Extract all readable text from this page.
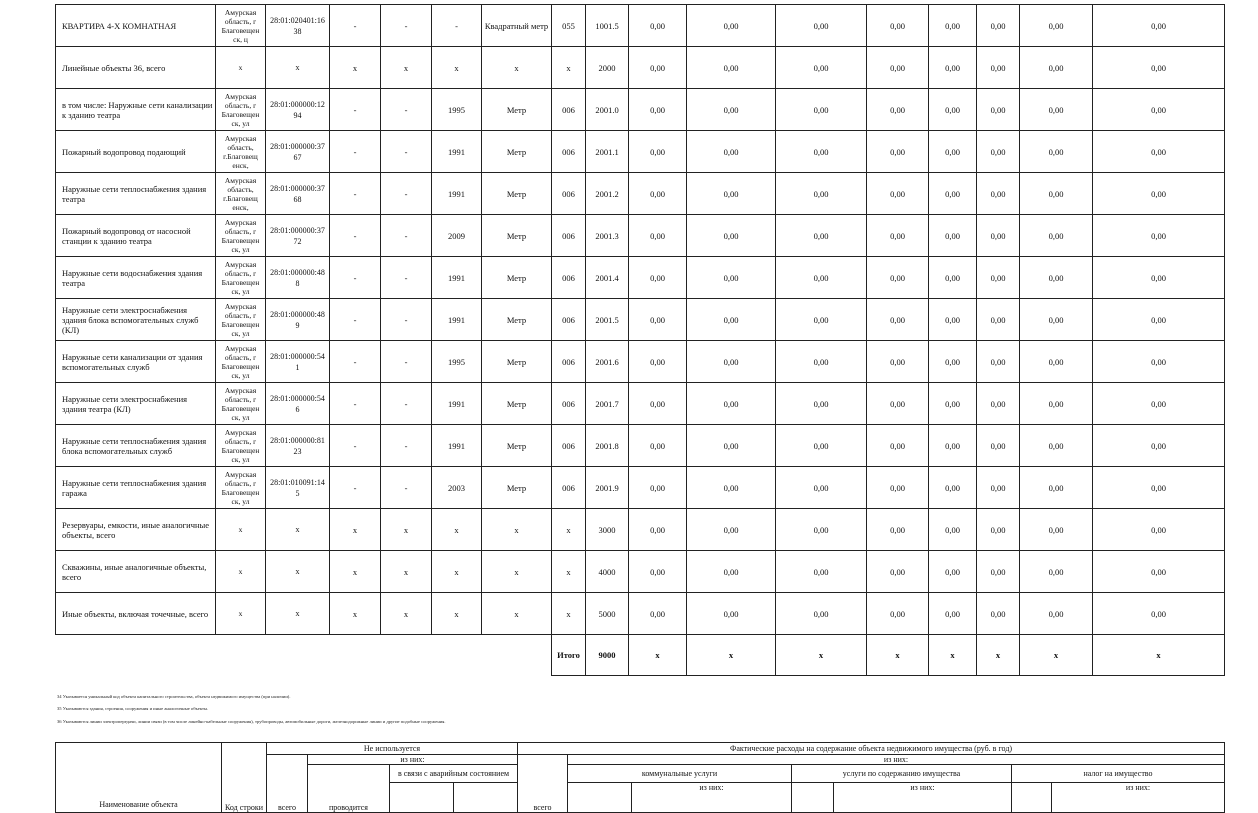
КВАРТИРА 4-Х КОМНАТНАЯ	Амурская область, г Благовещен ск, ц	28:01:020401:16 38	-	-	-	Квадратный метр	055	1001.5	0,00	0,00	0,00	0,00	0,00	0,00	0,00	0,00
Линейные объекты 36, всего	x	x	x	x	x	x	x	2000	0,00	0,00	0,00	0,00	0,00	0,00	0,00	0,00
в том числе: Наружные сети канализации к зданию театра	Амурская область, г Благовещен ск, ул	28:01:000000:12 94	-	-	1995	Метр	006	2001.0	0,00	0,00	0,00	0,00	0,00	0,00	0,00	0,00
Пожарный водопровод подающий	Амурская область, г.Благовещ енск,	28:01:000000:37 67	-	-	1991	Метр	006	2001.1	0,00	0,00	0,00	0,00	0,00	0,00	0,00	0,00
Наружные сети теплоснабжения здания театра	Амурская область, г.Благовещ енск,	28:01:000000:37 68	-	-	1991	Метр	006	2001.2	0,00	0,00	0,00	0,00	0,00	0,00	0,00	0,00
Пожарный водопровод от насосной станции к зданию театра	Амурская область, г Благовещен ск, ул	28:01:000000:37 72	-	-	2009	Метр	006	2001.3	0,00	0,00	0,00	0,00	0,00	0,00	0,00	0,00
Наружные сети водоснабжения здания театра	Амурская область, г Благовещен ск, ул	28:01:000000:48 8	-	-	1991	Метр	006	2001.4	0,00	0,00	0,00	0,00	0,00	0,00	0,00	0,00
Наружные сети электроснабжения здания блока вспомогательных служб (КЛ)	Амурская область, г Благовещен ск, ул	28:01:000000:48 9	-	-	1991	Метр	006	2001.5	0,00	0,00	0,00	0,00	0,00	0,00	0,00	0,00
Наружные сети канализации от здания вспомогательных служб	Амурская область, г Благовещен ск, ул	28:01:000000:54 1	-	-	1995	Метр	006	2001.6	0,00	0,00	0,00	0,00	0,00	0,00	0,00	0,00
Наружные сети электроснабжения здания театра (КЛ)	Амурская область, г Благовещен ск, ул	28:01:000000:54 6	-	-	1991	Метр	006	2001.7	0,00	0,00	0,00	0,00	0,00	0,00	0,00	0,00
Наружные сети теплоснабжения здания блока вспомогательных служб	Амурская область, г Благовещен ск, ул	28:01:000000:81 23	-	-	1991	Метр	006	2001.8	0,00	0,00	0,00	0,00	0,00	0,00	0,00	0,00
Наружные сети теплоснабжения здания гаража	Амурская область, г Благовещен ск, ул	28:01:010091:14 5	-	-	2003	Метр	006	2001.9	0,00	0,00	0,00	0,00	0,00	0,00	0,00	0,00
Резервуары, емкости, иные аналогичные объекты, всего	x	x	x	x	x	x	x	3000	0,00	0,00	0,00	0,00	0,00	0,00	0,00	0,00
Скважины, иные аналогичные объекты, всего	x	x	x	x	x	x	x	4000	0,00	0,00	0,00	0,00	0,00	0,00	0,00	0,00
Иные объекты, включая точечные, всего	x	x	x	x	x	x	x	5000	0,00	0,00	0,00	0,00	0,00	0,00	0,00	0,00
							Итого	9000	x	x	x	x	x	x	x	x
34 Указывается уникальный код объекта капитального строительства, объекта недвижимого имущества (при наличии).
35 Указываются здания, строения, сооружения и иные аналогичные объекты.
36 Указываются линии электропередачи, линии связи (в том числе линейно-кабельные сооружения), трубопроводы, автомобильные дороги, железнодорожные линии и другие подобные сооружения.
Наименование объекта	Код строки	Не используется				Фактические расходы на содержание объекта недвижимого имущества (руб. в год)						
		всего	из них:			всего	из них:					
			проводится	в связи с аварийным состоянием			коммунальные услуги		услуги по содержанию имущества		налог на имущество	
								из них:		из них:		из них:
